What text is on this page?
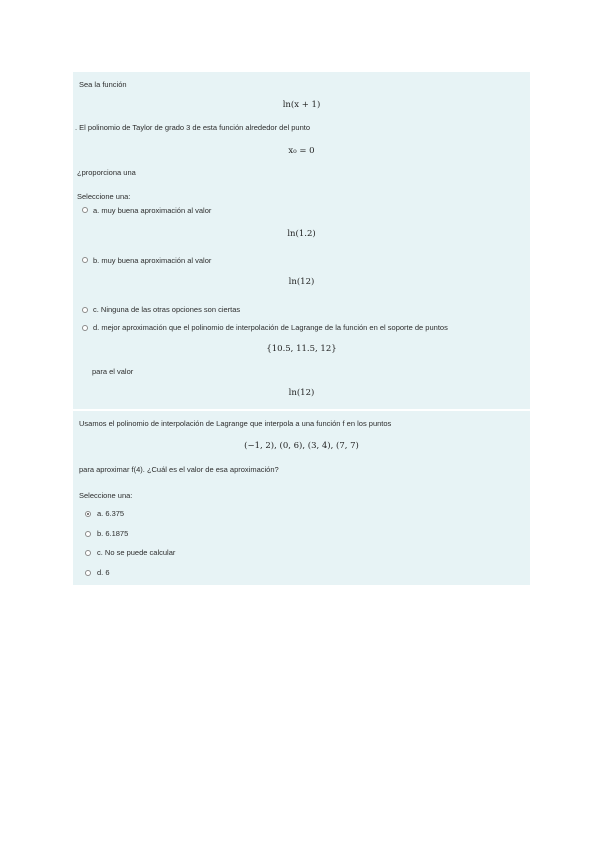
Sea la función
ln(x + 1)
. El polinomio de Taylor de grado 3 de esta función alrededor del punto
x₀ = 0
¿proporciona una
Seleccione una:
a. muy buena aproximación al valor
ln(1.2)
b. muy buena aproximación al valor
ln(12)
c. Ninguna de las otras opciones son ciertas
d. mejor aproximación que el polinomio de interpolación de Lagrange de la función en el soporte de puntos
{10.5, 11.5, 12}
para el valor
ln(12)
Usamos el polinomio de interpolación de Lagrange que interpola a una función f en los puntos
(−1, 2), (0, 6), (3, 4), (7, 7)
para aproximar f(4). ¿Cuál es el valor de esa aproximación?
Seleccione una:
a. 6.375
b. 6.1875
c. No se puede calcular
d. 6
